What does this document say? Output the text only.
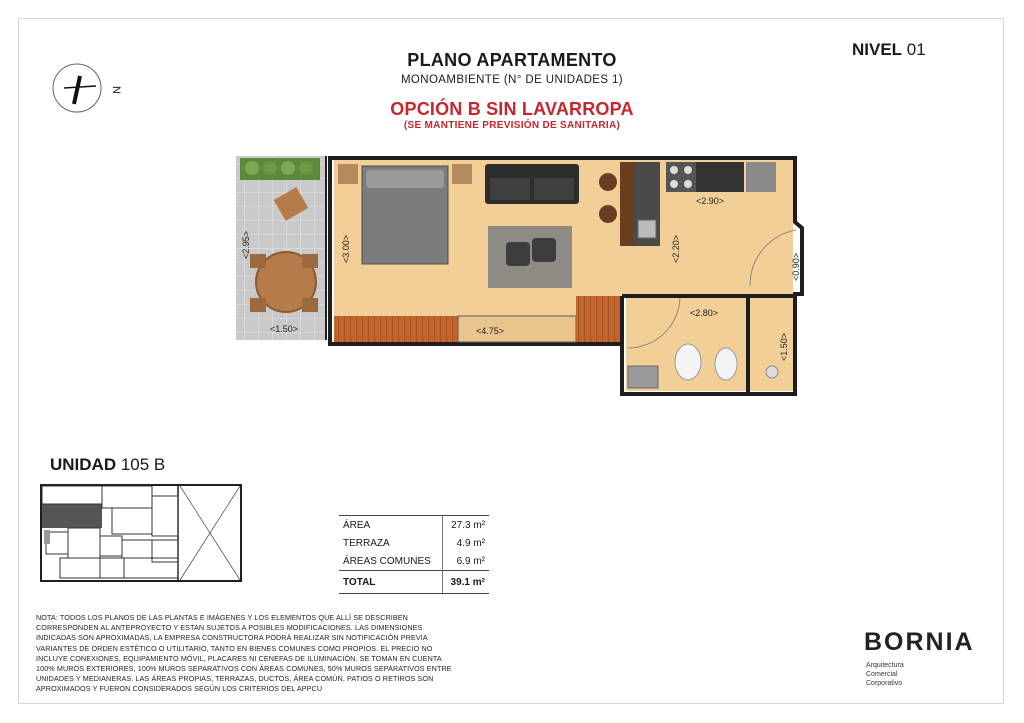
PLANO APARTAMENTO
MONOAMBIENTE (N° DE UNIDADES 1)
OPCIÓN B SIN LAVARROPA
(SE MANTIENE PREVISIÓN DE SANITARIA)
NIVEL 01
N
<2.95>
<1.50>
<3.00>
<4.75>
<2.90>
<2.20>
<0.90>
<2.80>
<1.50>
UNIDAD 105 B
ÁREA	27.3 m²
TERRAZA	4.9 m²
ÁREAS COMUNES	6.9 m²
TOTAL	39.1 m²
NOTA: TODOS LOS PLANOS DE LAS PLANTAS E IMÁGENES Y LOS ELEMENTOS QUE ALLÍ SE DESCRIBEN CORRESPONDEN AL ANTEPROYECTO Y ESTAN SUJETOS A POSIBLES MODIFICACIONES. LAS DIMENSIONES INDICADAS SON APROXIMADAS, LA EMPRESA CONSTRUCTORA PODRÁ REALIZAR SIN NOTIFICACIÓN PREVIA VARIANTES DE ORDEN ESTÉTICO O UTILITARIO, TANTO EN BIENES COMUNES COMO PROPIOS. EL PRECIO NO INCLUYE CONEXIONES, EQUIPAMIENTO MÓVIL, PLACARES NI CENEFAS DE ILUMINACIÓN. SE TOMAN EN CUENTA 100% MUROS EXTERIORES, 100% MUROS SEPARATIVOS CON ÁREAS COMUNES, 50% MUROS SEPARATIVOS ENTRE UNIDADES Y MEDIANERAS. LAS ÁREAS PROPIAS, TERRAZAS, DUCTOS, ÁREA COMÚN, PATIOS O RETIROS SON APROXIMADOS Y FUERON CONSIDERADOS SEGÚN LOS CRITERIOS DEL APPCU
BORNIA
Arquitectura
Comercial
Corporativo
